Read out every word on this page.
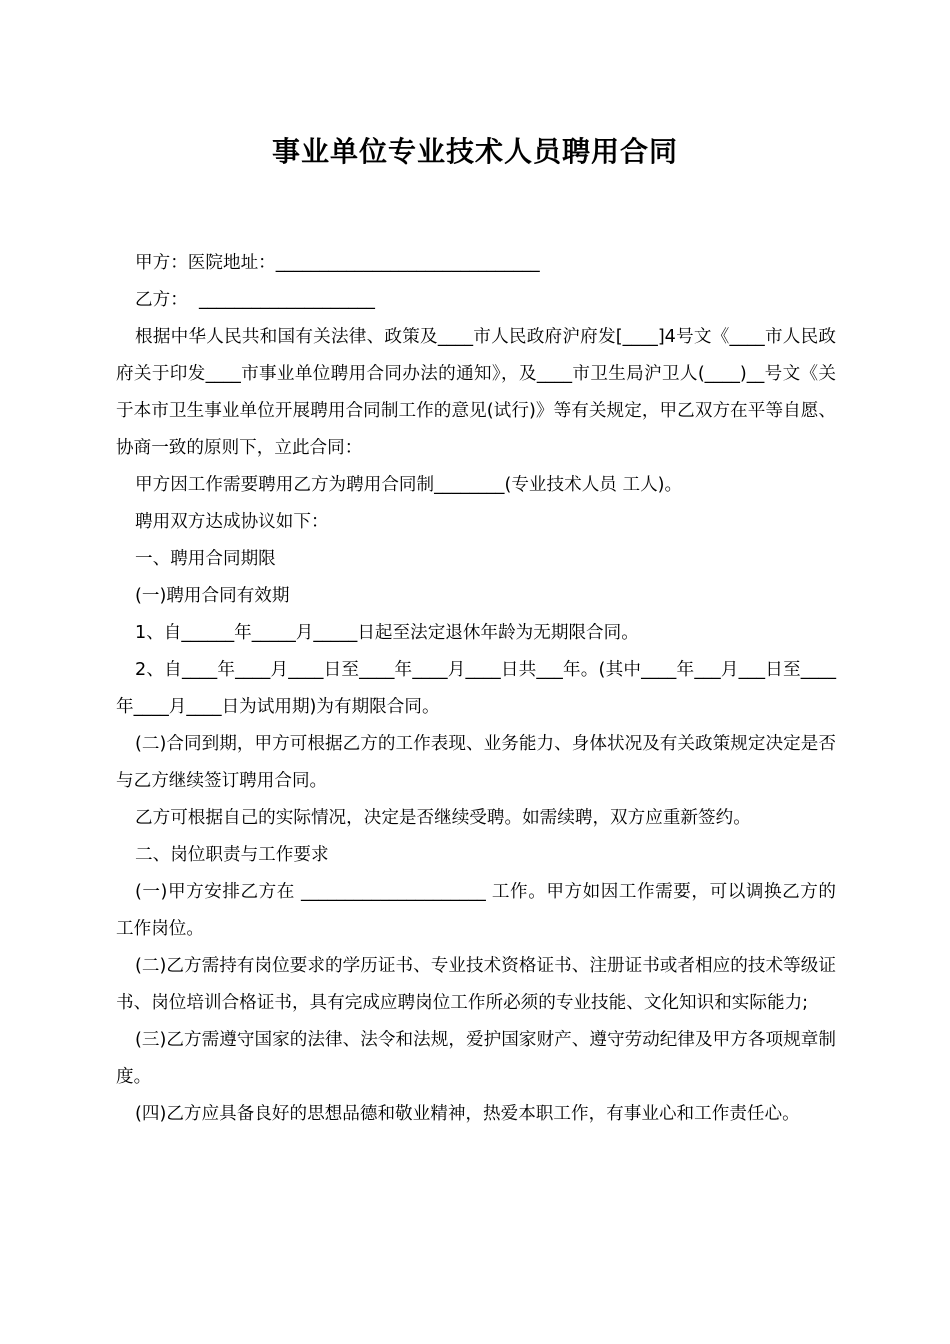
事业单位专业技术人员聘用合同

甲方：医院地址：______________________________

乙方：  ____________________

根据中华人民共和国有关法律、政策及____市人民政府沪府发[____]4号文《____市人民政府关于印发____市事业单位聘用合同办法的通知》，及____市卫生局沪卫人(____)__号文《关于本市卫生事业单位开展聘用合同制工作的意见(试行)》等有关规定，甲乙双方在平等自愿、协商一致的原则下，立此合同：

甲方因工作需要聘用乙方为聘用合同制________(专业技术人员 工人)。

聘用双方达成协议如下：

一、聘用合同期限

(一)聘用合同有效期

1、自______年_____月_____日起至法定退休年龄为无期限合同。

2、自____年____月____日至____年____月____日共___年。(其中____年___月___日至____年____月____日为试用期)为有期限合同。

(二)合同到期，甲方可根据乙方的工作表现、业务能力、身体状况及有关政策规定决定是否与乙方继续签订聘用合同。

乙方可根据自己的实际情况，决定是否继续受聘。如需续聘，双方应重新签约。

二、岗位职责与工作要求

(一)甲方安排乙方在 _____________________ 工作。甲方如因工作需要，可以调换乙方的工作岗位。

(二)乙方需持有岗位要求的学历证书、专业技术资格证书、注册证书或者相应的技术等级证书、岗位培训合格证书，具有完成应聘岗位工作所必须的专业技能、文化知识和实际能力;

(三)乙方需遵守国家的法律、法令和法规，爱护国家财产、遵守劳动纪律及甲方各项规章制度。

(四)乙方应具备良好的思想品德和敬业精神，热爱本职工作，有事业心和工作责任心。
